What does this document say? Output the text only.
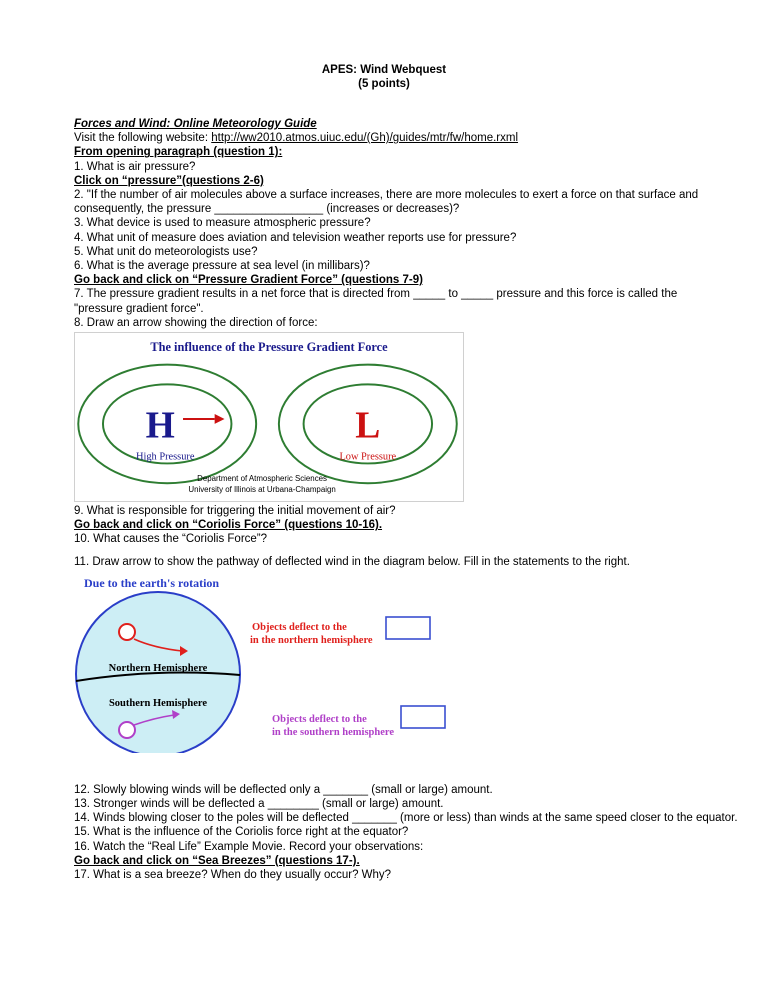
APES: Wind Webquest
(5 points)
Forces and Wind: Online Meteorology Guide
Visit the following website: http://ww2010.atmos.uiuc.edu/(Gh)/guides/mtr/fw/home.rxml
From opening paragraph (question 1):
1. What is air pressure?
Click on “pressure”(questions 2-6)
2. "If the number of air molecules above a surface increases, there are more molecules to exert a force on that surface and consequently, the pressure _________________ (increases or decreases)?
3. What device is used to measure atmospheric pressure?
4. What unit of measure does aviation and television weather reports use for pressure?
5. What unit do meteorologists use?
6. What is the average pressure at sea level (in millibars)?
Go back and click on “Pressure Gradient Force” (questions 7-9)
7. The pressure gradient results in a net force that is directed from _____ to _____ pressure and this force is called the "pressure gradient force".
8. Draw an arrow showing the direction of force:
The influence of the Pressure Gradient Force
H
High Pressure
L
Low Pressure
Department of Atmospheric Sciences
University of Illinois at Urbana-Champaign
9. What is responsible for triggering the initial movement of air?
Go back and click on “Coriolis Force” (questions 10-16).
10. What causes the “Coriolis Force”?
11. Draw arrow to show the pathway of deflected wind in the diagram below. Fill in the statements to the right.
Due to the earth's rotation
Northern Hemisphere
Southern Hemisphere
Objects deflect to the
in the northern hemisphere
Objects deflect to the
in the southern hemisphere
12. Slowly blowing winds will be deflected only a _______ (small or large) amount.
13. Stronger winds will be deflected a ________ (small or large) amount.
14. Winds blowing closer to the poles will be deflected _______ (more or less) than winds at the same speed closer to the equator.
15. What is the influence of the Coriolis force right at the equator?
16. Watch the “Real Life” Example Movie. Record your observations:
Go back and click on “Sea Breezes” (questions 17-).
17. What is a sea breeze? When do they usually occur? Why?
